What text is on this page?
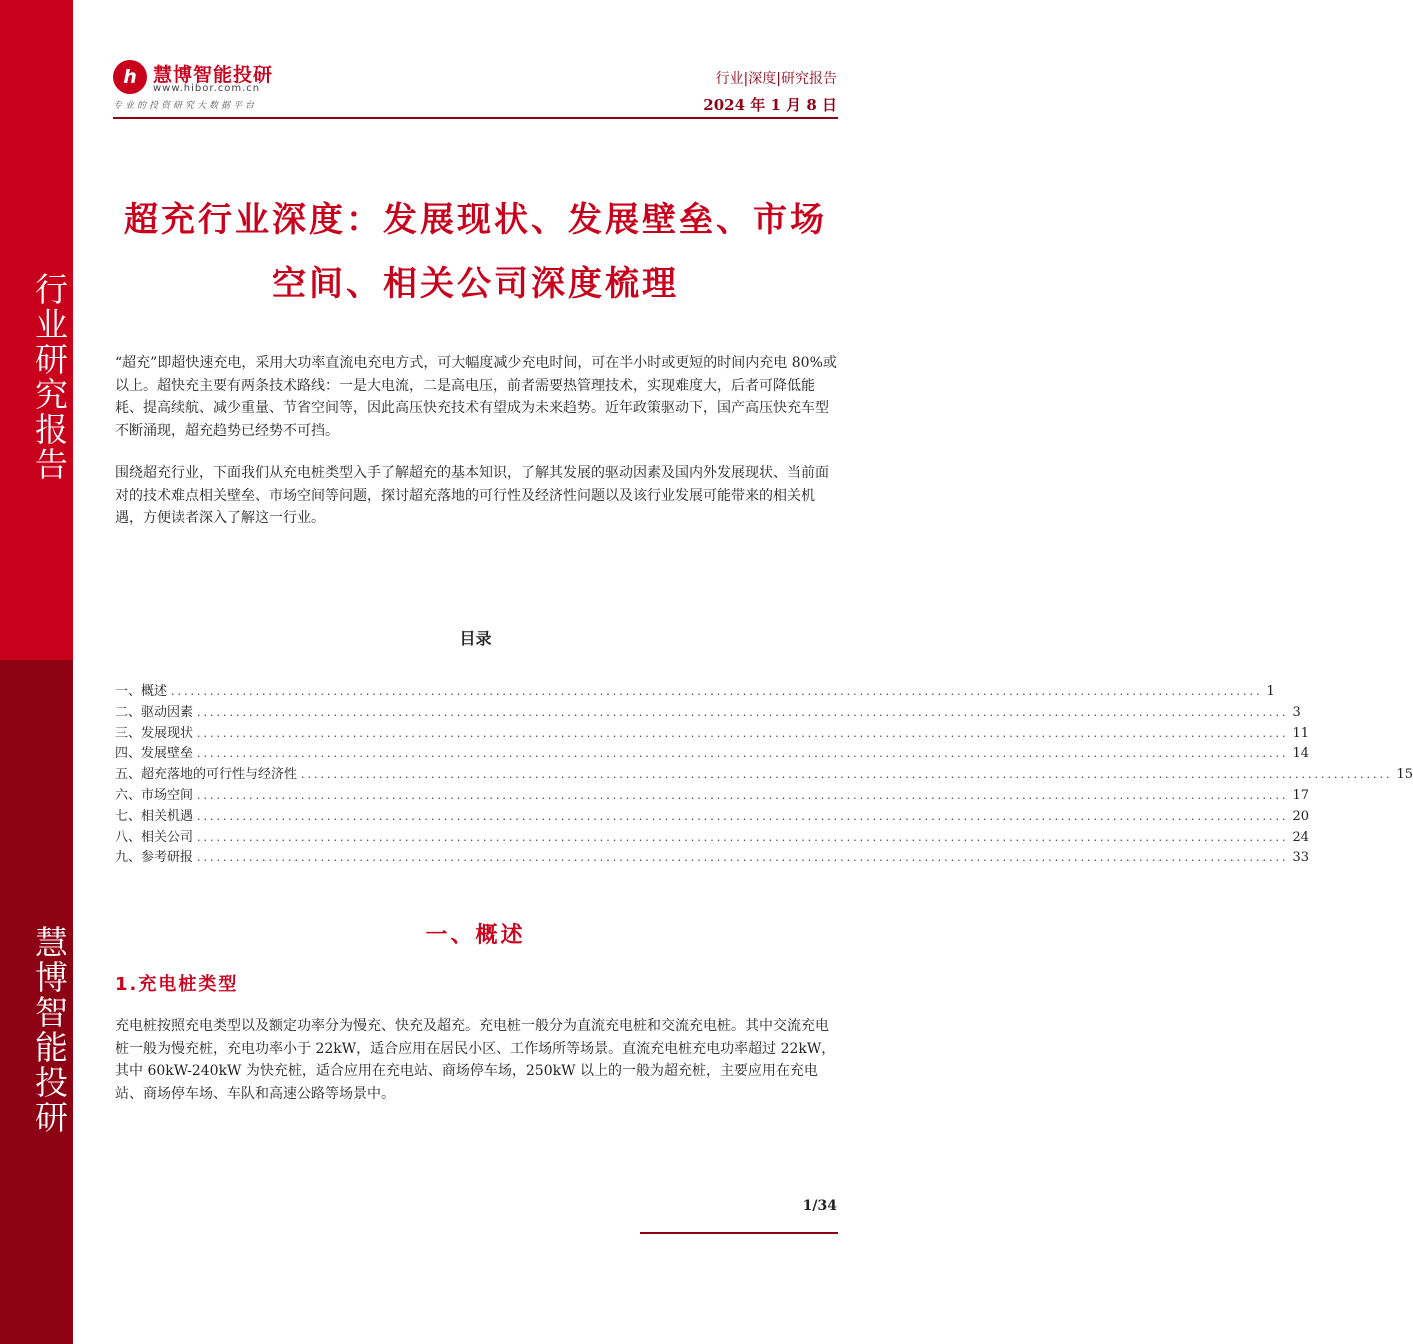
行业研究报告
慧博智能投研
h 慧博智能投研
www.hibor.com.cn
专业的投资研究大数据平台
行业|深度|研究报告
2024 年 1 月 8 日
超充行业深度：发展现状、发展壁垒、市场
空间、相关公司深度梳理
“超充”即超快速充电，采用大功率直流电充电方式，可大幅度减少充电时间，可在半小时或更短的时间内充电 80%或以上。超快充主要有两条技术路线：一是大电流，二是高电压，前者需要热管理技术，实现难度大，后者可降低能耗、提高续航、减少重量、节省空间等，因此高压快充技术有望成为未来趋势。近年政策驱动下，国产高压快充车型不断涌现，超充趋势已经势不可挡。
围绕超充行业，下面我们从充电桩类型入手了解超充的基本知识，了解其发展的驱动因素及国内外发展现状、当前面对的技术难点相关壁垒、市场空间等问题，探讨超充落地的可行性及经济性问题以及该行业发展可能带来的相关机遇，方便读者深入了解这一行业。
目录
一、概述 ........................................................................................................................................................................ 1
二、驱动因素 ........................................................................................................................................................................ 3
三、发展现状 ........................................................................................................................................................................ 11
四、发展壁垒 ........................................................................................................................................................................ 14
五、超充落地的可行性与经济性 ........................................................................................................................................................................ 15
六、市场空间 ........................................................................................................................................................................ 17
七、相关机遇 ........................................................................................................................................................................ 20
八、相关公司 ........................................................................................................................................................................ 24
九、参考研报 ........................................................................................................................................................................ 33
一、概述
1.充电桩类型
充电桩按照充电类型以及额定功率分为慢充、快充及超充。充电桩一般分为直流充电桩和交流充电桩。其中交流充电桩一般为慢充桩，充电功率小于 22kW，适合应用在居民小区、工作场所等场景。直流充电桩充电功率超过 22kW，其中 60kW-240kW 为快充桩，适合应用在充电站、商场停车场，250kW 以上的一般为超充桩，主要应用在充电站、商场停车场、车队和高速公路等场景中。
1/34
